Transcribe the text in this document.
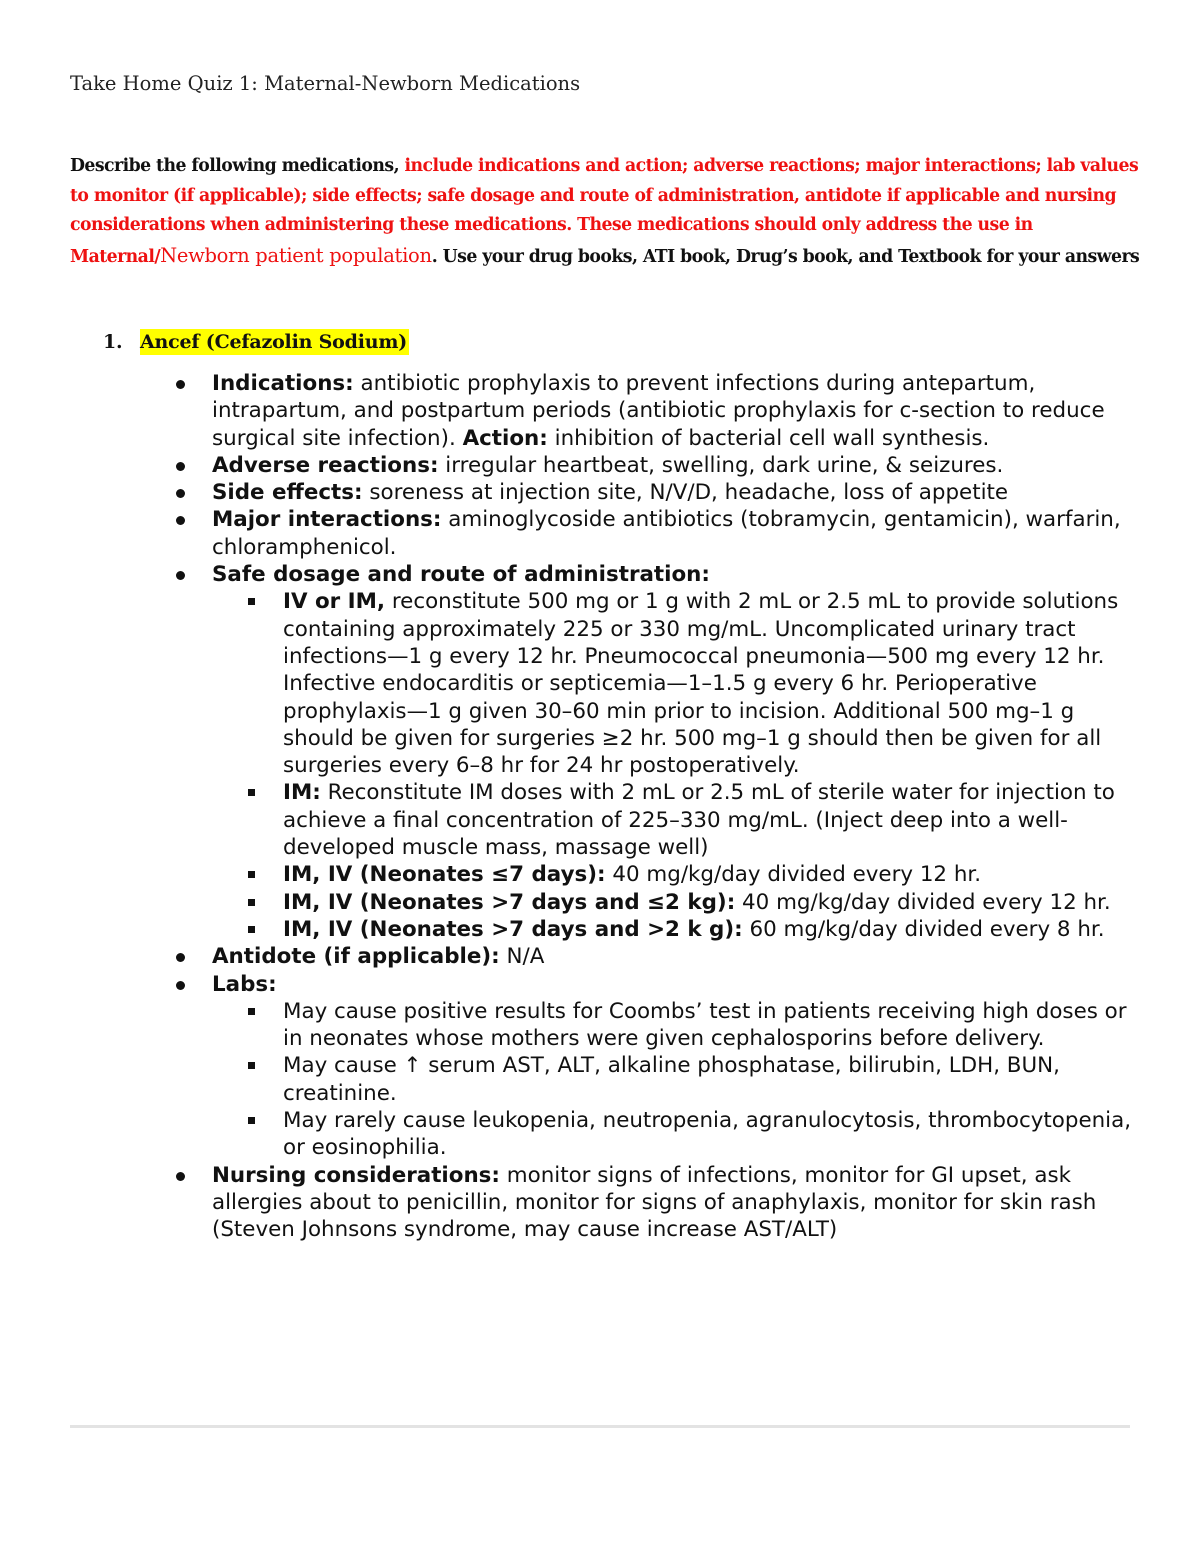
Take Home Quiz 1: Maternal-Newborn Medications
Describe the following medications, include indications and action; adverse reactions; major interactions; lab values to monitor (if applicable); side effects; safe dosage and route of administration, antidote if applicable and nursing considerations when administering these medications. These medications should only address the use in Maternal/Newborn patient population. Use your drug books, ATI book, Drug’s book, and Textbook for your answers
1. Ancef (Cefazolin Sodium)
Indications: antibiotic prophylaxis to prevent infections during antepartum, intrapartum, and postpartum periods (antibiotic prophylaxis for c-section to reduce surgical site infection). Action: inhibition of bacterial cell wall synthesis.
Adverse reactions: irregular heartbeat, swelling, dark urine, & seizures.
Side effects: soreness at injection site, N/V/D, headache, loss of appetite
Major interactions: aminoglycoside antibiotics (tobramycin, gentamicin), warfarin, chloramphenicol.
Safe dosage and route of administration:
IV or IM, reconstitute 500 mg or 1 g with 2 mL or 2.5 mL to provide solutions containing approximately 225 or 330 mg/mL. Uncomplicated urinary tract infections—1 g every 12 hr. Pneumococcal pneumonia—500 mg every 12 hr. Infective endocarditis or septicemia—1–1.5 g every 6 hr. Perioperative prophylaxis—1 g given 30–60 min prior to incision. Additional 500 mg–1 g should be given for surgeries ≥2 hr. 500 mg–1 g should then be given for all surgeries every 6–8 hr for 24 hr postoperatively.
IM: Reconstitute IM doses with 2 mL or 2.5 mL of sterile water for injection to achieve a final concentration of 225–330 mg/mL. (Inject deep into a well-developed muscle mass, massage well)
IM, IV (Neonates ≤7 days): 40 mg/kg/day divided every 12 hr.
IM, IV (Neonates >7 days and ≤2 kg): 40 mg/kg/day divided every 12 hr.
IM, IV (Neonates >7 days and >2 k g): 60 mg/kg/day divided every 8 hr.
Antidote (if applicable): N/A
Labs:
May cause positive results for Coombs’ test in patients receiving high doses or in neonates whose mothers were given cephalosporins before delivery.
May cause ↑ serum AST, ALT, alkaline phosphatase, bilirubin, LDH, BUN, creatinine.
May rarely cause leukopenia, neutropenia, agranulocytosis, thrombocytopenia, or eosinophilia.
Nursing considerations: monitor signs of infections, monitor for GI upset, ask allergies about to penicillin, monitor for signs of anaphylaxis, monitor for skin rash (Steven Johnsons syndrome, may cause increase AST/ALT)
